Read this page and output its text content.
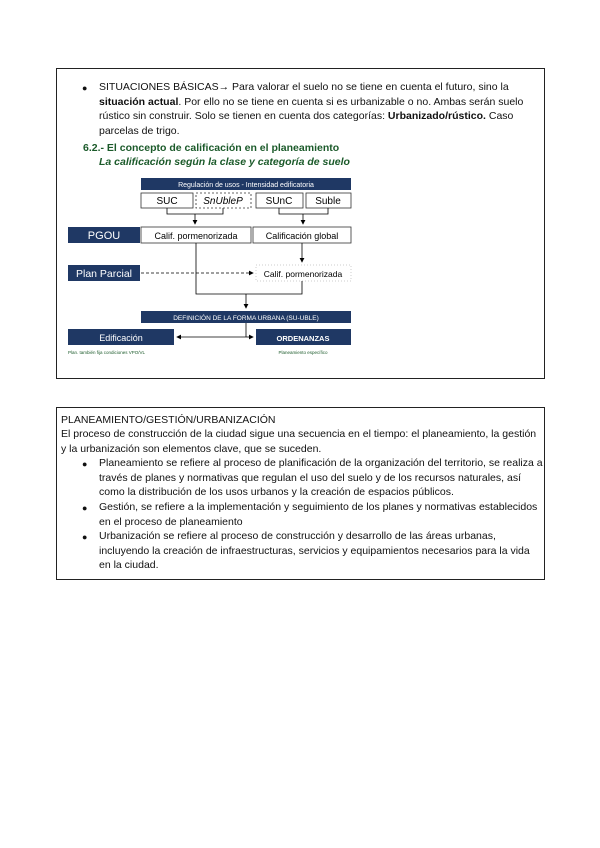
● SITUACIONES BÁSICAS→ Para valorar el suelo no se tiene en cuenta el futuro, sino la situación actual. Por ello no se tiene en cuenta si es urbanizable o no. Ambas serán suelo rústico sin construir. Solo se tienen en cuenta dos categorías: Urbanizado/rústico. Caso parcelas de trigo.
6.2.- El concepto de calificación en el planeamiento
La calificación según la clase y categoría de suelo
Regulación de usos - Intensidad edificatoria
SUC	SnUbleP SUnC Suble
PGOU	Calif. pormenorizada	Calificación global
Plan Parcial	Calif. pormenorizada
DEFINICIÓN DE LA FORMA URBANA (SU-UBLE)
Edificación	ORDENANZAS
Plan. también fija condiciones VPO/VL	Planeamiento específico
PLANEAMIENTO/GESTIÓN/URBANIZACIÓN
El proceso de construcción de la ciudad sigue una secuencia en el tiempo: el planeamiento, la gestión y la urbanización son elementos clave, que se suceden.
● Planeamiento se refiere al proceso de planificación de la organización del territorio, se realiza a través de planes y normativas que regulan el uso del suelo y de los recursos naturales, así como la distribución de los usos urbanos y la creación de espacios públicos.
● Gestión, se refiere a la implementación y seguimiento de los planes y normativas establecidos en el proceso de planeamiento
● Urbanización se refiere al proceso de construcción y desarrollo de las áreas urbanas, incluyendo la creación de infraestructuras, servicios y equipamientos necesarios para la vida en la ciudad.
